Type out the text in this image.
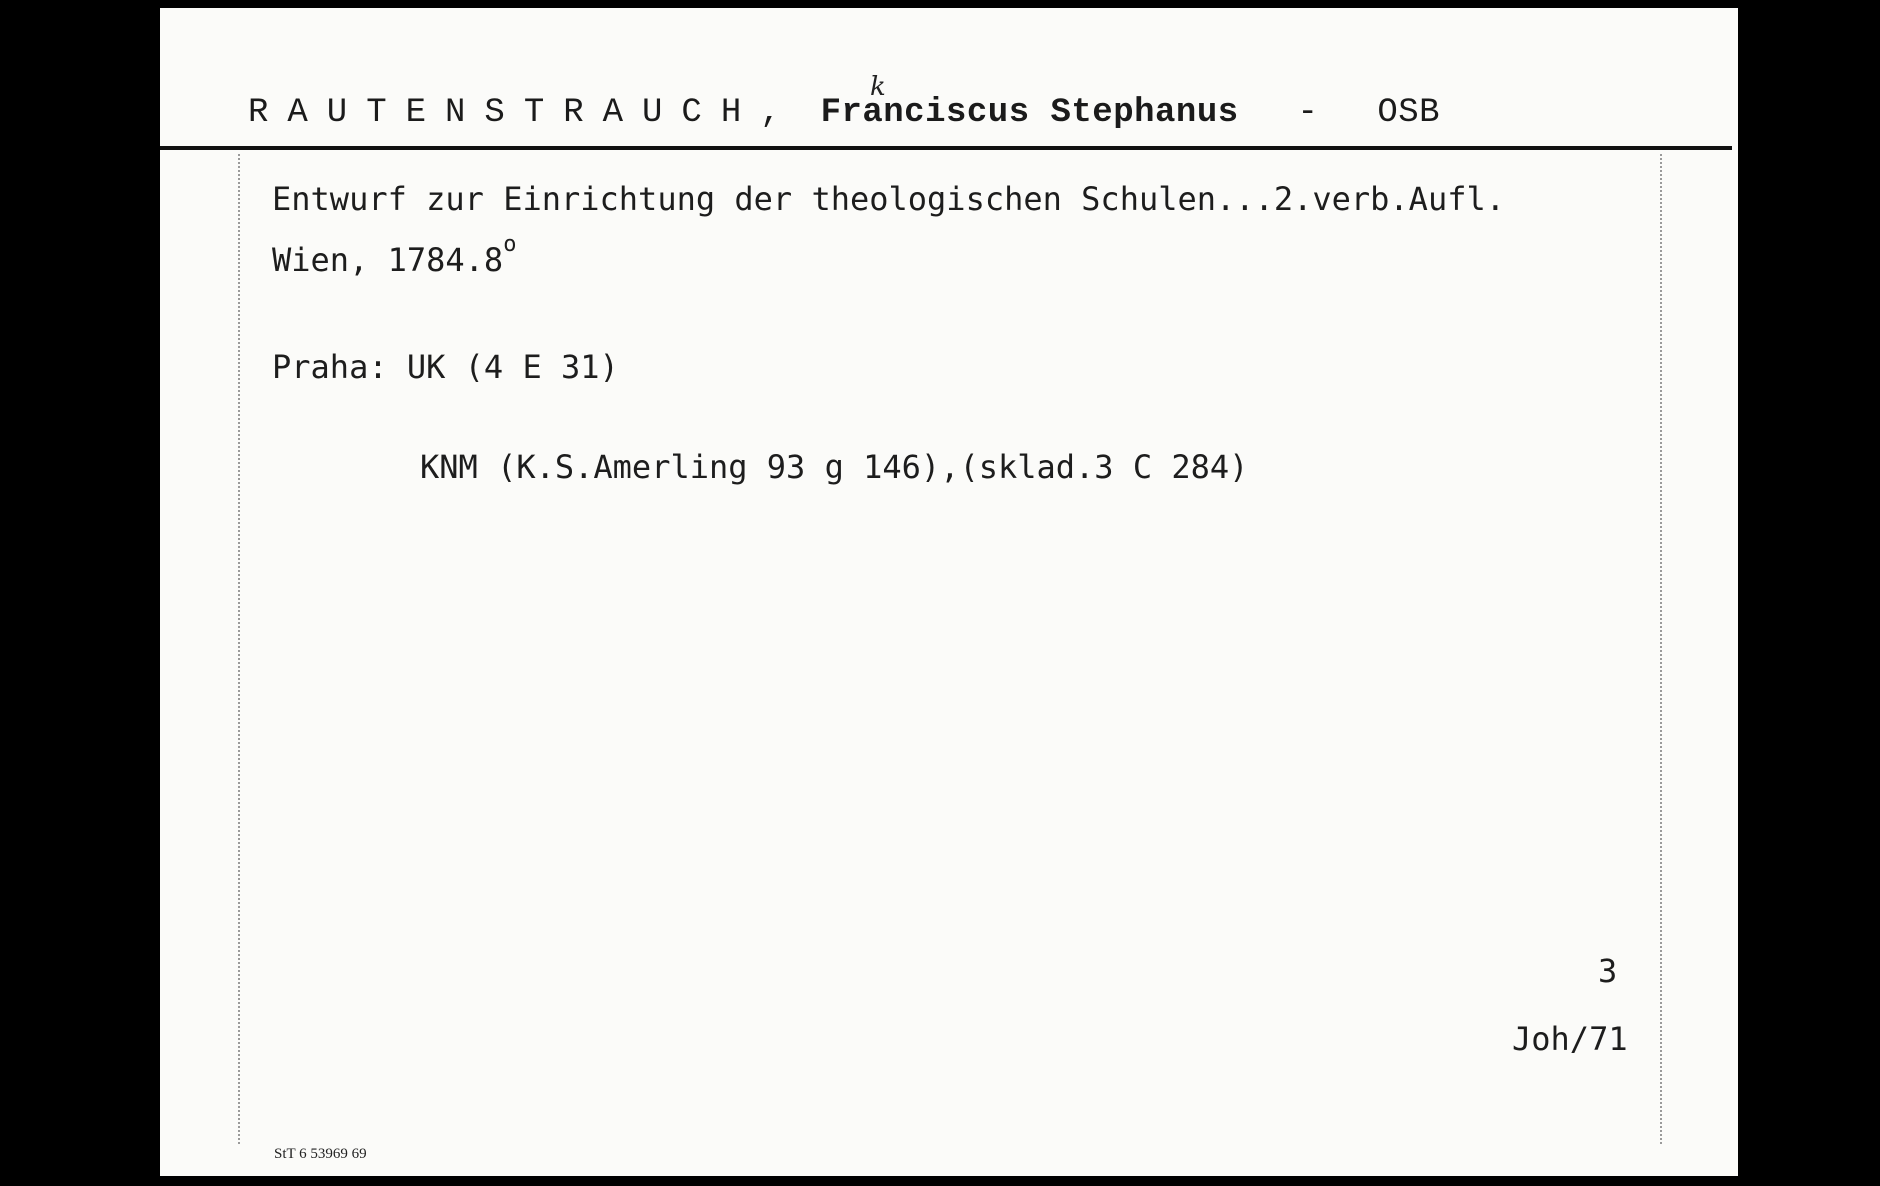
k
RAUTENSTRAUCH, Franciscus Stephanus - OSB
Entwurf zur Einrichtung der theologischen Schulen...2.verb.Aufl.
Wien, 1784.8$^o$
Praha: UK (4 E 31)
KNM (K.S.Amerling 93 g 146),(sklad.3 C 284)
3
Joh/71
StT 6 53969 69
